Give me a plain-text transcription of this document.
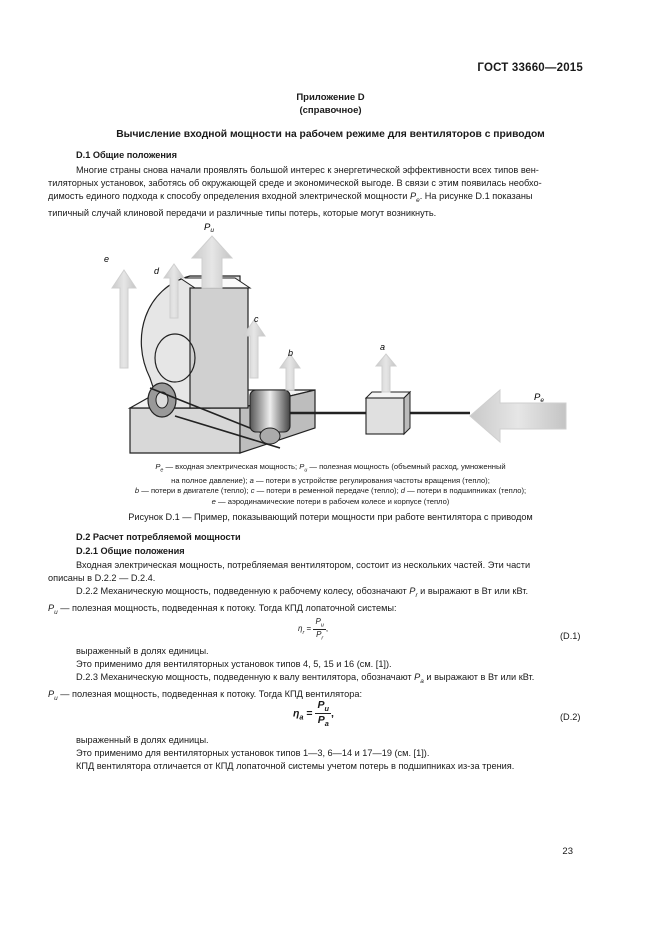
ГОСТ 33660—2015
Приложение D
(справочное)
Вычисление входной мощности на рабочем режиме для вентиляторов с приводом
D.1 Общие положения
Многие страны снова начали проявлять большой интерес к энергетической эффективности всех типов вен-
тиляторных установок, заботясь об окружающей среде и экономической выгоде. В связи с этим появилась необхо-
димость единого подхода к способу определения входной электрической мощности $P_e$. На рисунке D.1 показаны
типичный случай клиновой передачи и различные типы потерь, которые могут возникнуть.
$P_u$
$P_e$
e
d
c
b
a
$P_e$ — входная электрическая мощность; $P_u$ — полезная мощность (объемный расход, умноженный
на полное давление); a — потери в устройстве регулирования частоты вращения (тепло);
b — потери в двигателе (тепло); c — потери в ременной передаче (тепло); d — потери в подшипниках (тепло);
e — аэродинамические потери в рабочем колесе и корпусе (тепло)
Рисунок D.1 — Пример, показывающий потери мощности при работе вентилятора с приводом
D.2 Расчет потребляемой мощности
D.2.1 Общие положения
Входная электрическая мощность, потребляемая вентилятором, состоит из нескольких частей. Эти части
описаны в D.2.2 — D.2.4.
D.2.2 Механическую мощность, подведенную к рабочему колесу, обозначают $P_r$ и выражают в Вт или кВт.
$P_u$ — полезная мощность, подведенная к потоку. Тогда КПД лопаточной системы:
$\eta_r = \frac{P_u}{P_r}$ ,
(D.1)
выраженный в долях единицы.
Это применимо для вентиляторных установок типов 4, 5, 15 и 16 (см. [1]).
D.2.3 Механическую мощность, подведенную к валу вентилятора, обозначают $P_a$ и выражают в Вт или кВт.
$P_u$ — полезная мощность, подведенная к потоку. Тогда КПД вентилятора:
$\eta_a = \frac{P_u}{P_a}$ ,	(D.2)
выраженный в долях единицы.
Это применимо для вентиляторных установок типов 1—3, 6—14 и 17—19 (см. [1]).
КПД вентилятора отличается от КПД лопаточной системы учетом потерь в подшипниках из-за трения.
23
